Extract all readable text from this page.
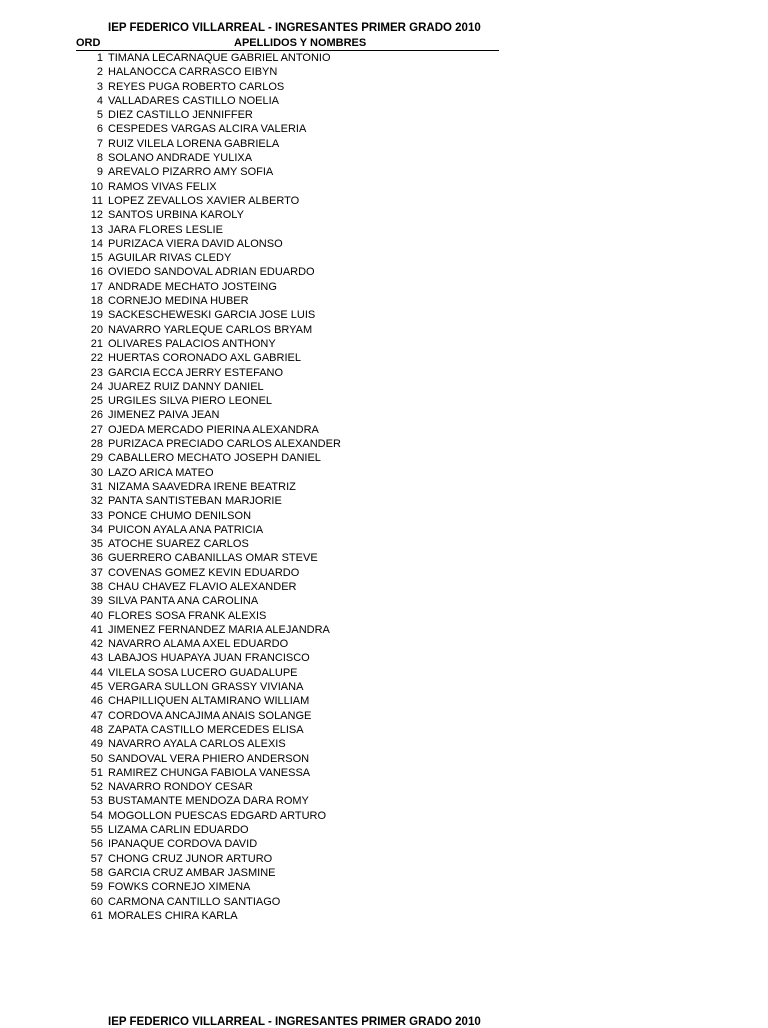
IEP FEDERICO VILLARREAL - INGRESANTES PRIMER GRADO 2010
ORD	APELLIDOS Y NOMBRES
1 TIMANA LECARNAQUE GABRIEL ANTONIO
2 HALANOCCA CARRASCO EIBYN
3 REYES PUGA ROBERTO CARLOS
4 VALLADARES CASTILLO NOELIA
5 DIEZ CASTILLO JENNIFFER
6 CESPEDES VARGAS ALCIRA VALERIA
7 RUIZ VILELA LORENA GABRIELA
8 SOLANO ANDRADE YULIXA
9 AREVALO PIZARRO AMY SOFIA
10 RAMOS VIVAS FELIX
11 LOPEZ ZEVALLOS XAVIER ALBERTO
12 SANTOS URBINA KAROLY
13 JARA FLORES LESLIE
14 PURIZACA VIERA DAVID ALONSO
15 AGUILAR RIVAS CLEDY
16 OVIEDO SANDOVAL ADRIAN EDUARDO
17 ANDRADE MECHATO JOSTEING
18 CORNEJO MEDINA HUBER
19 SACKESCHEWESKI GARCIA JOSE LUIS
20 NAVARRO YARLEQUE CARLOS BRYAM
21 OLIVARES PALACIOS ANTHONY
22 HUERTAS CORONADO AXL GABRIEL
23 GARCIA ECCA JERRY ESTEFANO
24 JUAREZ RUIZ DANNY DANIEL
25 URGILES SILVA PIERO LEONEL
26 JIMENEZ PAIVA JEAN
27 OJEDA MERCADO PIERINA ALEXANDRA
28 PURIZACA PRECIADO CARLOS ALEXANDER
29 CABALLERO MECHATO JOSEPH DANIEL
30 LAZO ARICA MATEO
31 NIZAMA SAAVEDRA IRENE BEATRIZ
32 PANTA SANTISTEBAN MARJORIE
33 PONCE CHUMO DENILSON
34 PUICON AYALA ANA PATRICIA
35 ATOCHE SUAREZ CARLOS
36 GUERRERO CABANILLAS OMAR STEVE
37 COVENAS GOMEZ KEVIN EDUARDO
38 CHAU CHAVEZ FLAVIO ALEXANDER
39 SILVA PANTA ANA CAROLINA
40 FLORES SOSA FRANK ALEXIS
41 JIMENEZ FERNANDEZ MARIA ALEJANDRA
42 NAVARRO ALAMA AXEL EDUARDO
43 LABAJOS HUAPAYA JUAN FRANCISCO
44 VILELA SOSA LUCERO GUADALUPE
45 VERGARA SULLON GRASSY VIVIANA
46 CHAPILLIQUEN ALTAMIRANO WILLIAM
47 CORDOVA ANCAJIMA ANAIS SOLANGE
48 ZAPATA CASTILLO MERCEDES ELISA
49 NAVARRO AYALA CARLOS ALEXIS
50 SANDOVAL VERA PHIERO ANDERSON
51 RAMIREZ CHUNGA FABIOLA VANESSA
52 NAVARRO RONDOY CESAR
53 BUSTAMANTE MENDOZA DARA ROMY
54 MOGOLLON PUESCAS EDGARD ARTURO
55 LIZAMA CARLIN EDUARDO
56 IPANAQUE CORDOVA DAVID
57 CHONG CRUZ JUNOR ARTURO
58 GARCIA CRUZ AMBAR JASMINE
59 FOWKS CORNEJO XIMENA
60 CARMONA CANTILLO SANTIAGO
61 MORALES CHIRA KARLA
IEP FEDERICO VILLARREAL - INGRESANTES PRIMER GRADO 2010
